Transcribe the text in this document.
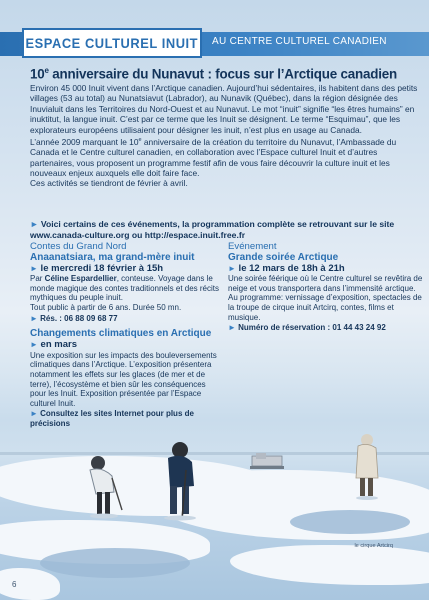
ESPACE CULTUREL INUIT AU CENTRE CULTUREL CANADIEN
10e anniversaire du Nunavut : focus sur l’Arctique canadien

Environ 45 000 Inuit vivent dans l’Arctique canadien. Aujourd’hui sédentaires, ils habitent dans des petits villages (53 au total) au Nunatsiavut (Labrador), au Nunavik (Québec), dans la région désignée des Inuvialuit dans les Territoires du Nord-Ouest et au Nunavut. Le mot “inuit” signifie “les êtres humains” en inuktitut, la langue inuit. C’est par ce terme que les Inuit se désignent. Le terme “Esquimau”, que les explorateurs européens utilisaient pour désigner les inuit, n’est plus en usage au Canada.

L’année 2009 marquant le 10e anniversaire de la création du territoire du Nunavut, l’Ambassade du Canada et le Centre culturel canadien, en collaboration avec l’Espace culturel Inuit et d’autres partenaires, vous proposent un programme festif afin de vous faire découvrir la culture inuit et les nouveaux enjeux auxquels elle doit faire face.

Ces activités se tiendront de février à avril.

► Voici certains de ces événements, la programmation complète se retrouvant sur le site www.canada-culture.org ou http://espace.inuit.free.fr

Contes du Grand Nord

Anaanatsiara, ma grand-mère inuit

► le mercredi 18 février à 15h

Par Céline Espardellier, conteuse. Voyage dans le monde magique des contes traditionnels et des récits mythiques du peuple inuit.

Tout public à partir de 6 ans. Durée 50 mn.

► Rés. : 06 88 09 68 77

Changements climatiques en Arctique

► en mars

Une exposition sur les impacts des bouleversements climatiques dans l’Arctique. L’exposition présentera notamment les effets sur les glaces (de mer et de terre), l’écosystème et bien sûr les conséquences pour les Inuit. Exposition présentée par l’Espace culturel Inuit.

► Consultez les sites Internet pour plus de précisions

Evénement

Grande soirée Arctique

► le 12 mars de 18h à 21h

Une soirée féérique où le Centre culturel se revêtira de neige et vous transportera dans l’immensité arctique. Au programme: vernissage d’exposition, spectacles de la troupe de cirque inuit Artcirq, contes, films et musique.

► Numéro de réservation : 01 44 43 24 92

le cirque Artcirq
6
